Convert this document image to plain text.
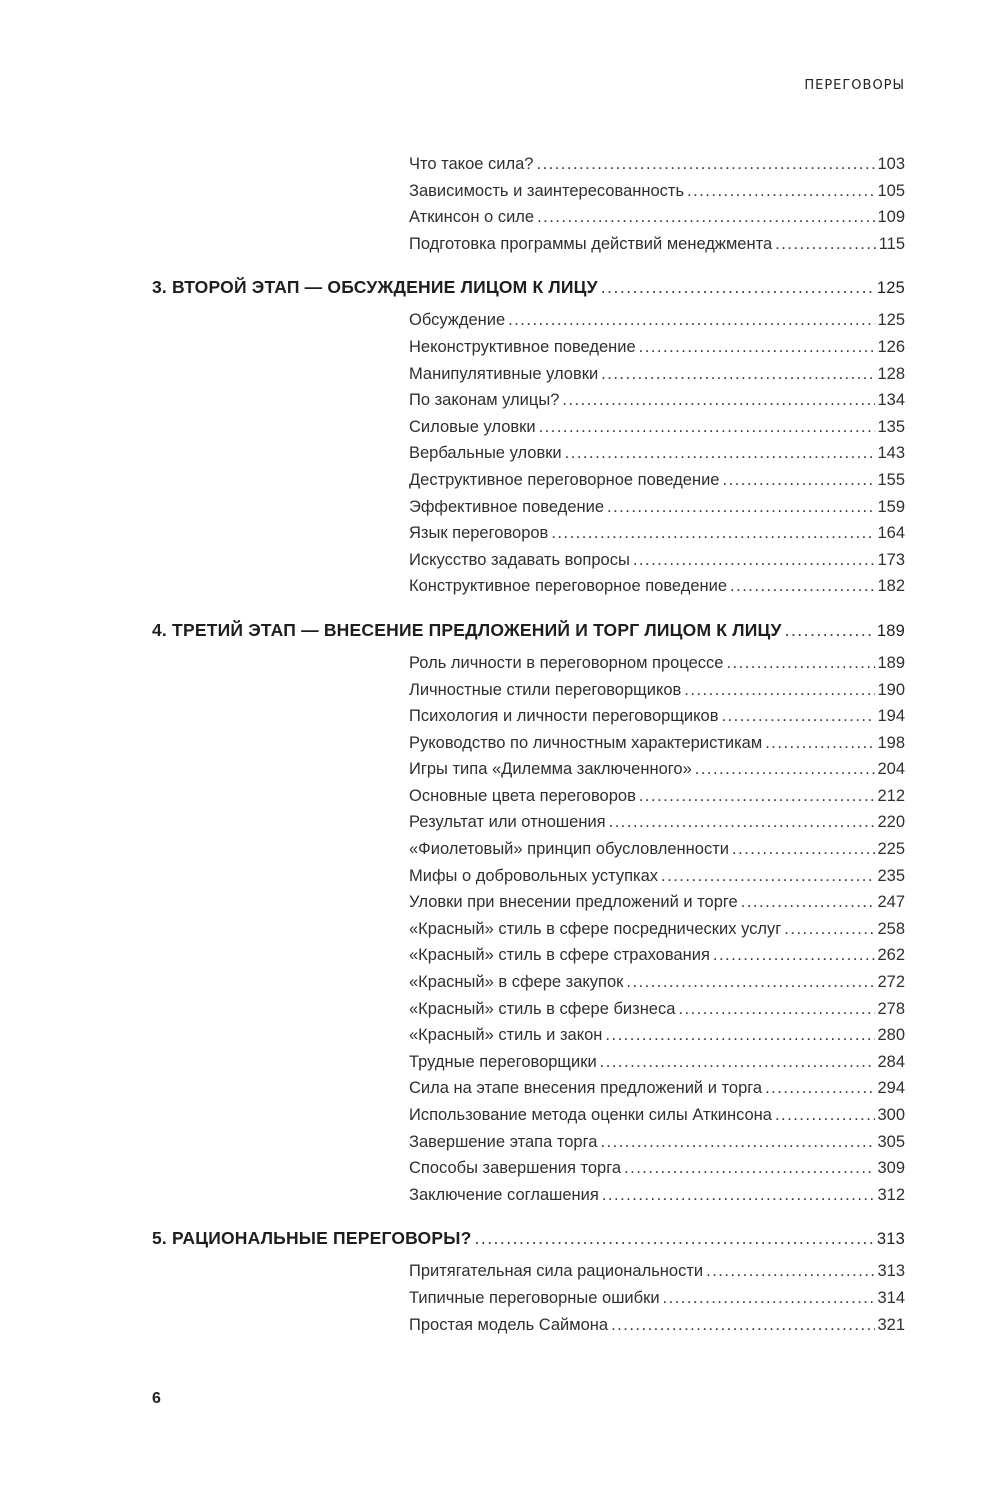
ПЕРЕГОВОРЫ
Что такое сила? .....	103
Зависимость и заинтересованность .....	105
Аткинсон о силе .....	109
Подготовка программы действий менеджмента .....	115
3. ВТОРОЙ ЭТАП — ОБСУЖДЕНИЕ ЛИЦОМ К ЛИЦУ .....	125
Обсуждение .....	125
Неконструктивное поведение .....	126
Манипулятивные уловки .....	128
По законам улицы? .....	134
Силовые уловки .....	135
Вербальные уловки .....	143
Деструктивное переговорное поведение .....	155
Эффективное поведение .....	159
Язык переговоров .....	164
Искусство задавать вопросы .....	173
Конструктивное переговорное поведение .....	182
4. ТРЕТИЙ ЭТАП — ВНЕСЕНИЕ ПРЕДЛОЖЕНИЙ И ТОРГ ЛИЦОМ К ЛИЦУ .....	189
Роль личности в переговорном процессе .....	189
Личностные стили переговорщиков .....	190
Психология и личности переговорщиков .....	194
Руководство по личностным характеристикам .....	198
Игры типа «Дилемма заключенного» .....	204
Основные цвета переговоров .....	212
Результат или отношения .....	220
«Фиолетовый» принцип обусловленности .....	225
Мифы о добровольных уступках .....	235
Уловки при внесении предложений и торге .....	247
«Красный» стиль в сфере посреднических услуг .....	258
«Красный» стиль в сфере страхования .....	262
«Красный» в сфере закупок .....	272
«Красный» стиль в сфере бизнеса .....	278
«Красный» стиль и закон .....	280
Трудные переговорщики .....	284
Сила на этапе внесения предложений и торга .....	294
Использование метода оценки силы Аткинсона .....	300
Завершение этапа торга .....	305
Способы завершения торга .....	309
Заключение соглашения .....	312
5. РАЦИОНАЛЬНЫЕ ПЕРЕГОВОРЫ? .....	313
Притягательная сила рациональности .....	313
Типичные переговорные ошибки .....	314
Простая модель Саймона .....	321
6
